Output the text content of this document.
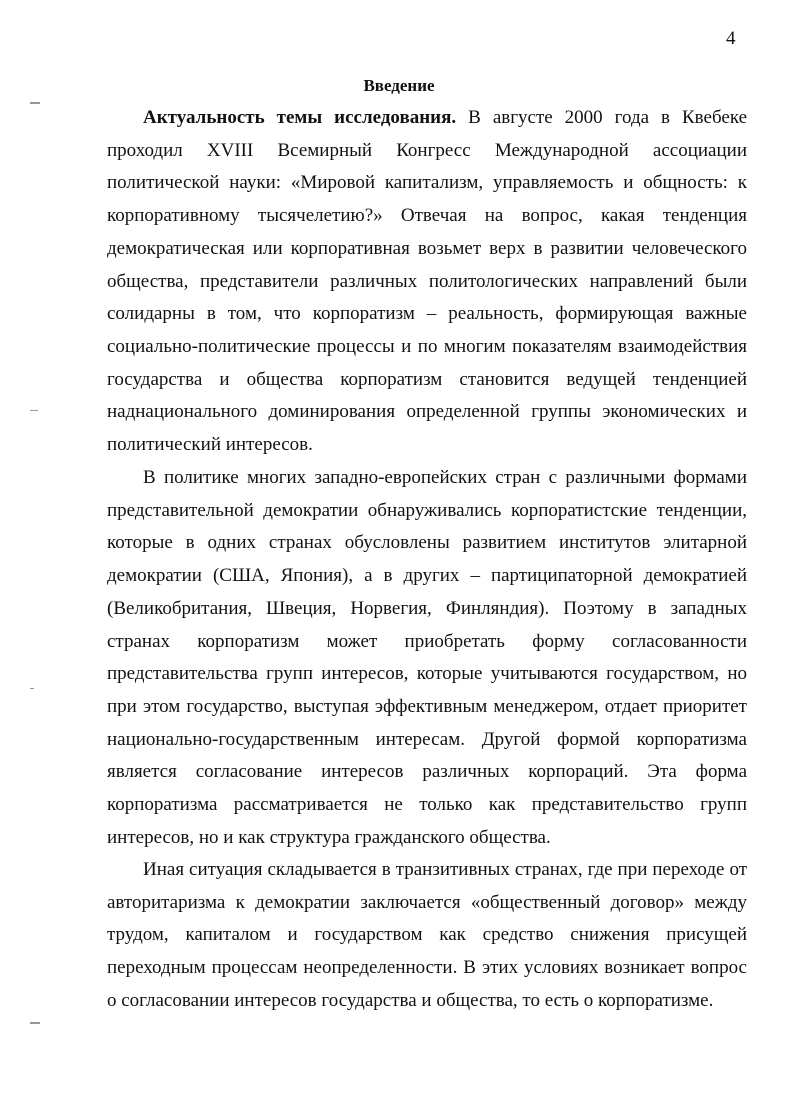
4
Введение

Актуальность темы исследования. В августе 2000 года в Квебеке проходил XVIII Всемирный Конгресс Международной ассоциации политической науки: «Мировой капитализм, управляемость и общность: к корпоративному тысячелетию?» Отвечая на вопрос, какая тенденция демократическая или корпоративная возьмет верх в развитии человеческого общества, представители различных политологических направлений были солидарны в том, что корпоратизм – реальность, формирующая важные социально-политические процессы и по многим показателям взаимодействия государства и общества корпоратизм становится ведущей тенденцией наднационального доминирования определенной группы экономических и политический интересов.

В политике многих западно-европейских стран с различными формами представительной демократии обнаруживались корпоратистские тенденции, которые в одних странах обусловлены развитием институтов элитарной демократии (США, Япония), а в других – партиципаторной демократией (Великобритания, Швеция, Норвегия, Финляндия). Поэтому в западных странах корпоратизм может приобретать форму согласованности представительства групп интересов, которые учитываются государством, но при этом государство, выступая эффективным менеджером, отдает приоритет национально-государственным интересам. Другой формой корпоратизма является согласование интересов различных корпораций. Эта форма корпоратизма рассматривается не только как представительство групп интересов, но и как структура гражданского общества.

Иная ситуация складывается в транзитивных странах, где при переходе от авторитаризма к демократии заключается «общественный договор» между трудом, капиталом и государством как средство снижения присущей переходным процессам неопределенности. В этих условиях возникает вопрос о согласовании интересов государства и общества, то есть о корпоратизме.
